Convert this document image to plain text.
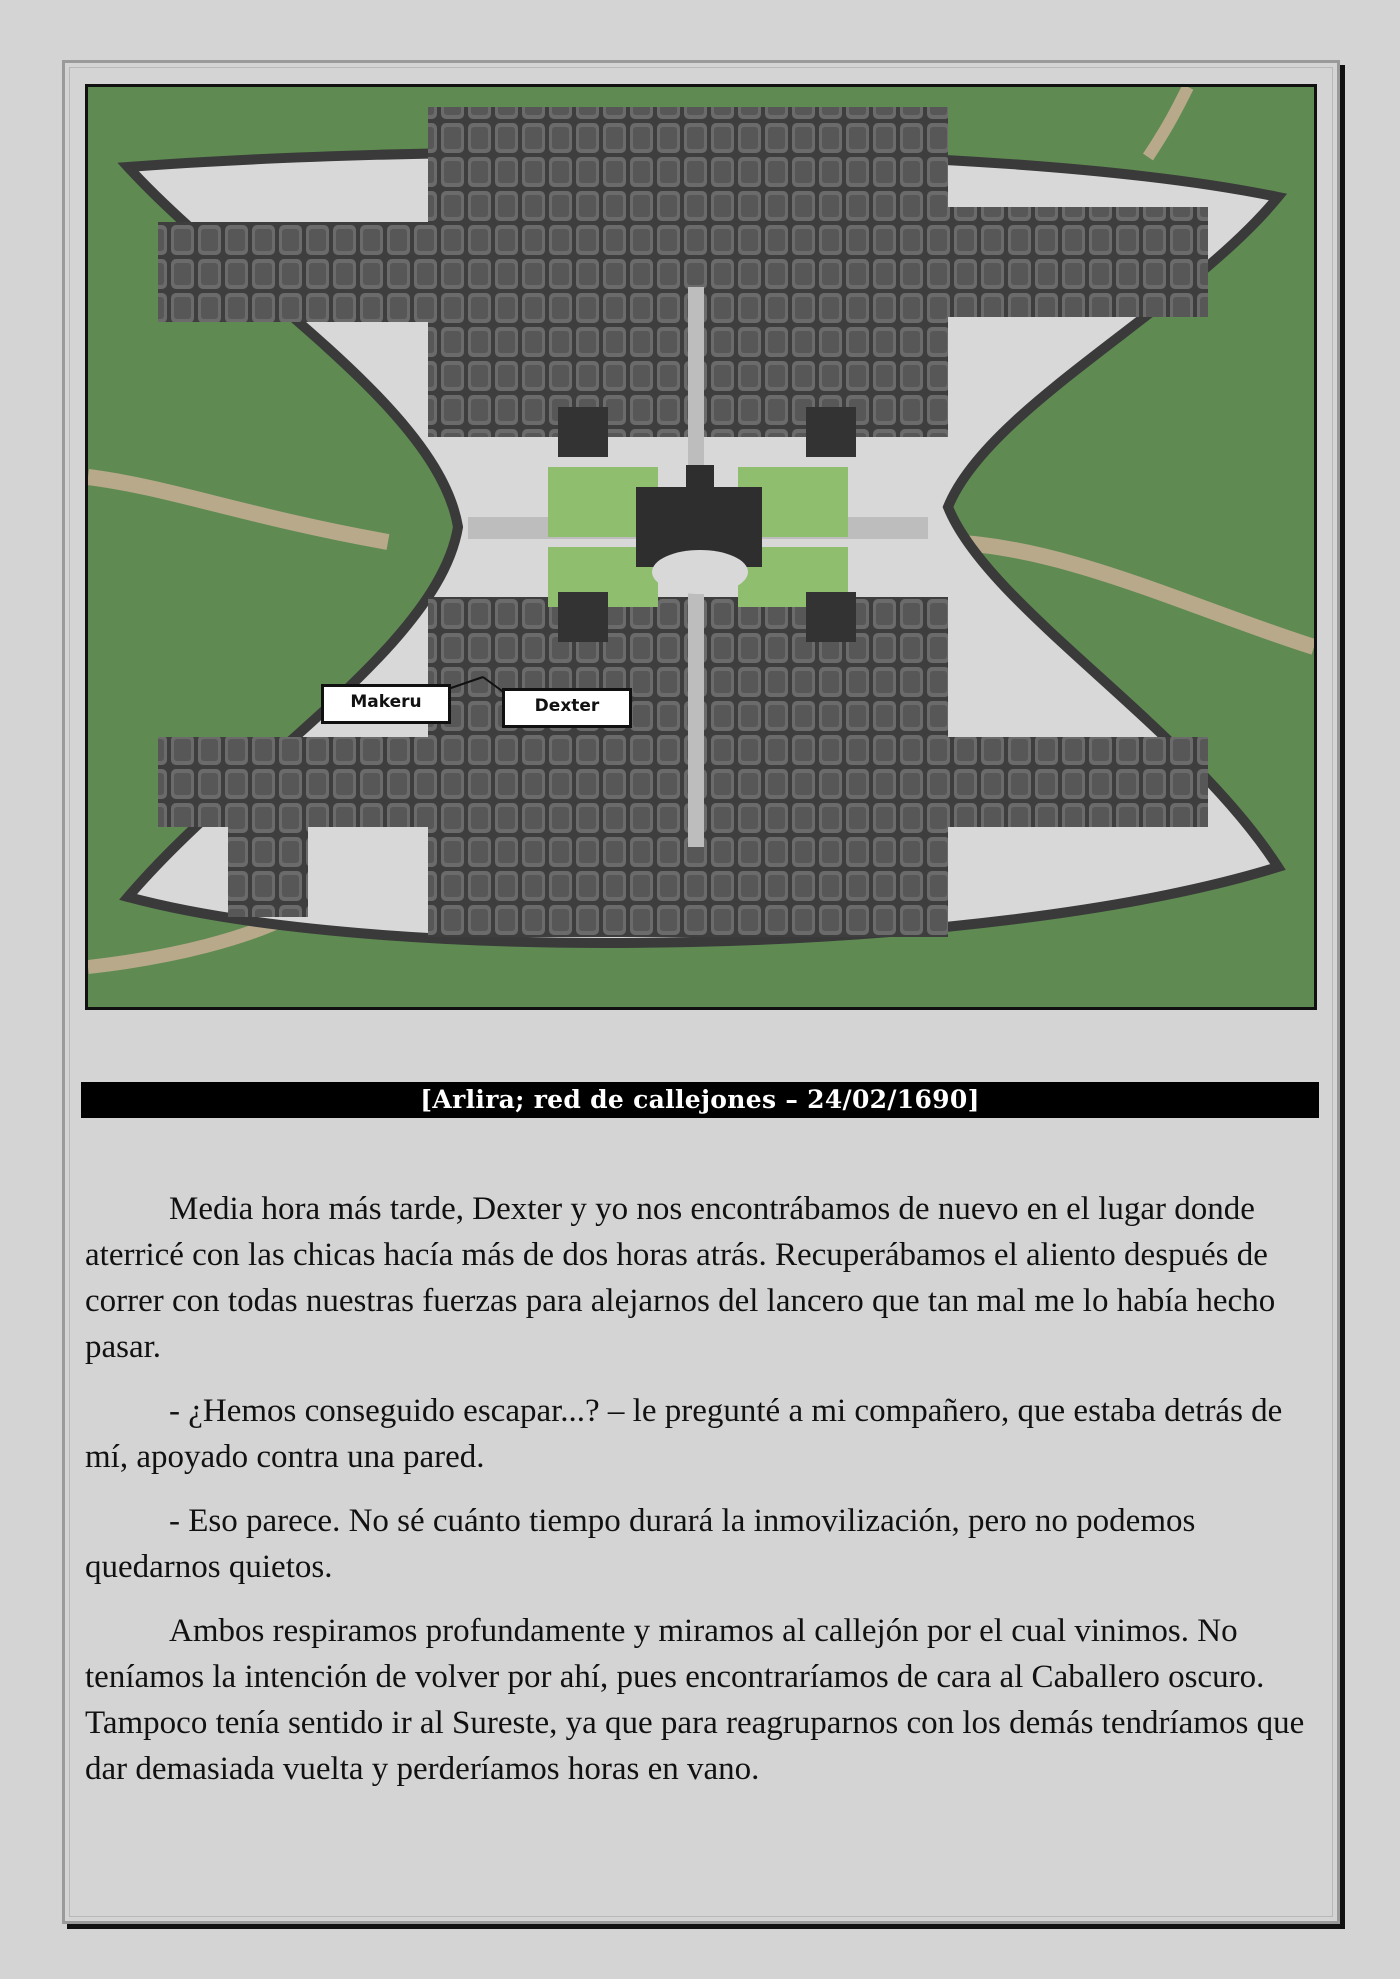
Makeru	Dexter
[Arlira; red de callejones – 24/02/1690]

Media hora más tarde, Dexter y yo nos encontrábamos de nuevo en el lugar donde aterricé con las chicas hacía más de dos horas atrás. Recuperábamos el aliento después de correr con todas nuestras fuerzas para alejarnos del lancero que tan mal me lo había hecho pasar.

- ¿Hemos conseguido escapar...? – le pregunté a mi compañero, que estaba detrás de mí, apoyado contra una pared.

- Eso parece. No sé cuánto tiempo durará la inmovilización, pero no podemos quedarnos quietos.

Ambos respiramos profundamente y miramos al callejón por el cual vinimos. No teníamos la intención de volver por ahí, pues encontraríamos de cara al Caballero oscuro. Tampoco tenía sentido ir al Sureste, ya que para reagruparnos con los demás tendríamos que dar demasiada vuelta y perderíamos horas en vano.
